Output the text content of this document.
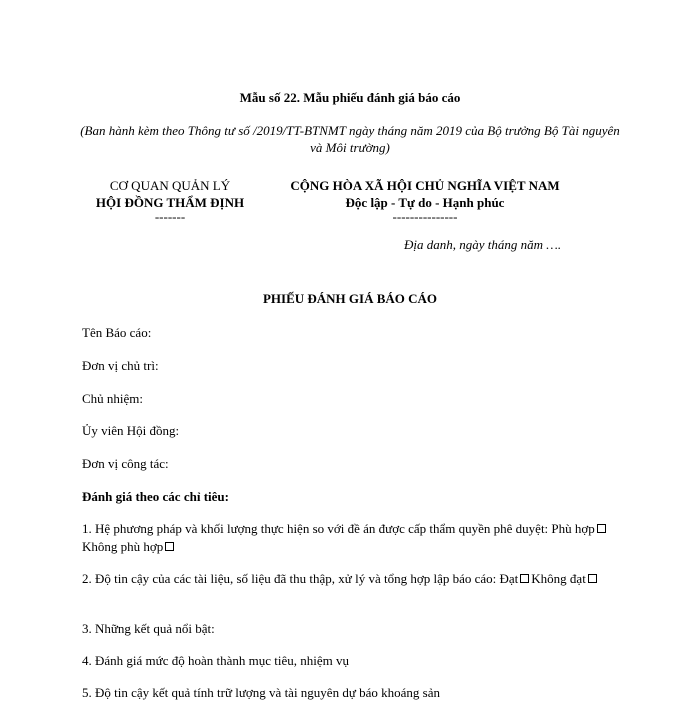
Mẫu số 22. Mẫu phiếu đánh giá báo cáo
(Ban hành kèm theo Thông tư số /2019/TT-BTNMT ngày tháng năm 2019 của Bộ trưởng Bộ Tài nguyên và Môi trường)
CƠ QUAN QUẢN LÝ
HỘI ĐỒNG THẨM ĐỊNH
-------
CỘNG HÒA XÃ HỘI CHỦ NGHĨA VIỆT NAM
Độc lập - Tự do - Hạnh phúc
---------------
Địa danh, ngày tháng năm ….
PHIẾU ĐÁNH GIÁ BÁO CÁO
Tên Báo cáo:
Đơn vị chủ trì:
Chủ nhiệm:
Ủy viên Hội đồng:
Đơn vị công tác:
Đánh giá theo các chỉ tiêu:
1. Hệ phương pháp và khối lượng thực hiện so với đề án được cấp thẩm quyền phê duyệt: Phù hợpKhông phù hợp
2. Độ tin cậy của các tài liệu, số liệu đã thu thập, xử lý và tổng hợp lập báo cáo: Đạt Không đạt
3. Những kết quả nổi bật:
4. Đánh giá mức độ hoàn thành mục tiêu, nhiệm vụ
5. Độ tin cậy kết quả tính trữ lượng và tài nguyên dự báo khoáng sản
